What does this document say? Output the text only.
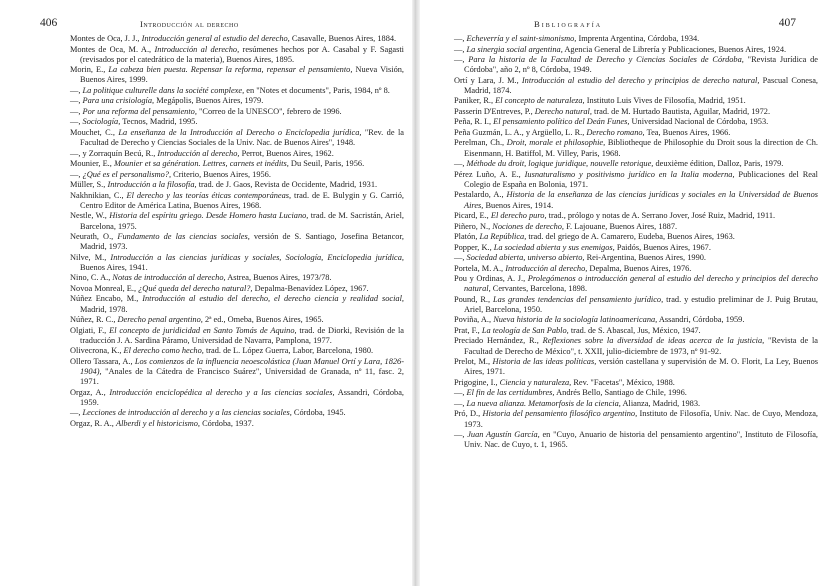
406	Introducción al derecho
Montes de Oca, J. J., Introducción general al estudio del derecho, Casavalle, Buenos Aires, 1884.
Montes de Oca, M. A., Introducción al derecho, resúmenes hechos por A. Casabal y F. Sagasti (revisados por el catedrático de la materia), Buenos Aires, 1895.
Morin, E., La cabeza bien puesta. Repensar la reforma, repensar el pensamiento, Nueva Visión, Buenos Aires, 1999.
—, La politique culturelle dans la société complexe, en "Notes et documents", Paris, 1984, nº 8.
—, Para una crisiología, Megápolis, Buenos Aires, 1979.
—, Por una reforma del pensamiento, "Correo de la UNESCO", febrero de 1996.
—, Sociología, Tecnos, Madrid, 1995.
Mouchet, C., La enseñanza de la Introducción al Derecho o Enciclopedia jurídica, "Rev. de la Facultad de Derecho y Ciencias Sociales de la Univ. Nac. de Buenos Aires", 1948.
—, y Zorraquín Becú, R., Introducción al derecho, Perrot, Buenos Aires, 1962.
Mounier, E., Mounier et sa génération. Lettres, carnets et inédits, Du Seuil, Paris, 1956.
—, ¿Qué es el personalismo?, Criterio, Buenos Aires, 1956.
Müller, S., Introducción a la filosofía, trad. de J. Gaos, Revista de Occidente, Madrid, 1931.
Nakhnikian, C., El derecho y las teorías éticas contemporáneas, trad. de E. Bulygin y G. Carrió, Centro Editor de América Latina, Buenos Aires, 1968.
Nestle, W., Historia del espíritu griego. Desde Homero hasta Luciano, trad. de M. Sacristán, Ariel, Barcelona, 1975.
Neurath, O., Fundamento de las ciencias sociales, versión de S. Santiago, Josefina Betancor, Madrid, 1973.
Nilve, M., Introducción a las ciencias jurídicas y sociales, Sociología, Enciclopedia jurídica, Buenos Aires, 1941.
Nino, C. A., Notas de introducción al derecho, Astrea, Buenos Aires, 1973/78.
Novoa Monreal, E., ¿Qué queda del derecho natural?, Depalma-Benavídez López, 1967.
Núñez Encabo, M., Introducción al estudio del derecho, el derecho ciencia y realidad social, Madrid, 1978.
Núñez, R. C., Derecho penal argentino, 2ª ed., Omeba, Buenos Aires, 1965.
Olgiati, F., El concepto de juridicidad en Santo Tomás de Aquino, trad. de Diorki, Revisión de la traducción J. A. Sardina Páramo, Universidad de Navarra, Pamplona, 1977.
Olivecrona, K., El derecho como hecho, trad. de L. López Guerra, Labor, Barcelona, 1980.
Ollero Tassara, A., Los comienzos de la influencia neoescolástica (Juan Manuel Ortí y Lara, 1826-1904), "Anales de la Cátedra de Francisco Suárez", Universidad de Granada, nº 11, fasc. 2, 1971.
Orgaz, A., Introducción enciclopédica al derecho y a las ciencias sociales, Assandri, Córdoba, 1959.
—, Lecciones de introducción al derecho y a las ciencias sociales, Córdoba, 1945.
Orgaz, R. A., Alberdi y el historicismo, Córdoba, 1937.
Bibliografía	407
—, Echeverría y el saint-simonismo, Imprenta Argentina, Córdoba, 1934.
—, La sinergia social argentina, Agencia General de Librería y Publicaciones, Buenos Aires, 1924.
—, Para la historia de la Facultad de Derecho y Ciencias Sociales de Córdoba, "Revista Jurídica de Córdoba", año 2, nº 8, Córdoba, 1949.
Ortí y Lara, J. M., Introducción al estudio del derecho y principios de derecho natural, Pascual Conesa, Madrid, 1874.
Paniker, R., El concepto de naturaleza, Instituto Luis Vives de Filosofía, Madrid, 1951.
Passerin D'Entreves, P., Derecho natural, trad. de M. Hurtado Bautista, Aguilar, Madrid, 1972.
Peña, R. I., El pensamiento político del Deán Funes, Universidad Nacional de Córdoba, 1953.
Peña Guzmán, L. A., y Argüello, L. R., Derecho romano, Tea, Buenos Aires, 1966.
Perelman, Ch., Droit, morale et philosophie, Bibliotheque de Philosophie du Droit sous la direction de Ch. Eisenmann, H. Batiffol, M. Villey, Paris, 1968.
—, Méthode du droit, logique juridique, nouvelle retorique, deuxième édition, Dalloz, Paris, 1979.
Pérez Luño, A. E., Iusnaturalismo y positivismo jurídico en la Italia moderna, Publicaciones del Real Colegio de España en Bolonia, 1971.
Pestalardo, A., Historia de la enseñanza de las ciencias jurídicas y sociales en la Universidad de Buenos Aires, Buenos Aires, 1914.
Picard, E., El derecho puro, trad., prólogo y notas de A. Serrano Jover, José Ruiz, Madrid, 1911.
Piñero, N., Nociones de derecho, F. Lajouane, Buenos Aires, 1887.
Platón, La República, trad. del griego de A. Camarero, Eudeba, Buenos Aires, 1963.
Popper, K., La sociedad abierta y sus enemigos, Paidós, Buenos Aires, 1967.
—, Sociedad abierta, universo abierto, Rei-Argentina, Buenos Aires, 1990.
Portela, M. A., Introducción al derecho, Depalma, Buenos Aires, 1976.
Pou y Ordinas, A. J., Prolegómenos o introducción general al estudio del derecho y principios del derecho natural, Cervantes, Barcelona, 1898.
Pound, R., Las grandes tendencias del pensamiento jurídico, trad. y estudio preliminar de J. Puig Brutau, Ariel, Barcelona, 1950.
Poviña, A., Nueva historia de la sociología latinoamericana, Assandri, Córdoba, 1959.
Prat, F., La teología de San Pablo, trad. de S. Abascal, Jus, México, 1947.
Preciado Hernández, R., Reflexiones sobre la diversidad de ideas acerca de la justicia, "Revista de la Facultad de Derecho de México", t. XXII, julio-diciembre de 1973, nº 91-92.
Prelot, M., Historia de las ideas políticas, versión castellana y supervisión de M. O. Florit, La Ley, Buenos Aires, 1971.
Prigogine, I., Ciencia y naturaleza, Rev. "Facetas", México, 1988.
—, El fin de las certidumbres, Andrés Bello, Santiago de Chile, 1996.
—, La nueva alianza. Metamorfosis de la ciencia, Alianza, Madrid, 1983.
Pró, D., Historia del pensamiento filosófico argentino, Instituto de Filosofía, Univ. Nac. de Cuyo, Mendoza, 1973.
—, Juan Agustín García, en "Cuyo, Anuario de historia del pensamiento argentino", Instituto de Filosofía, Univ. Nac. de Cuyo, t. 1, 1965.
